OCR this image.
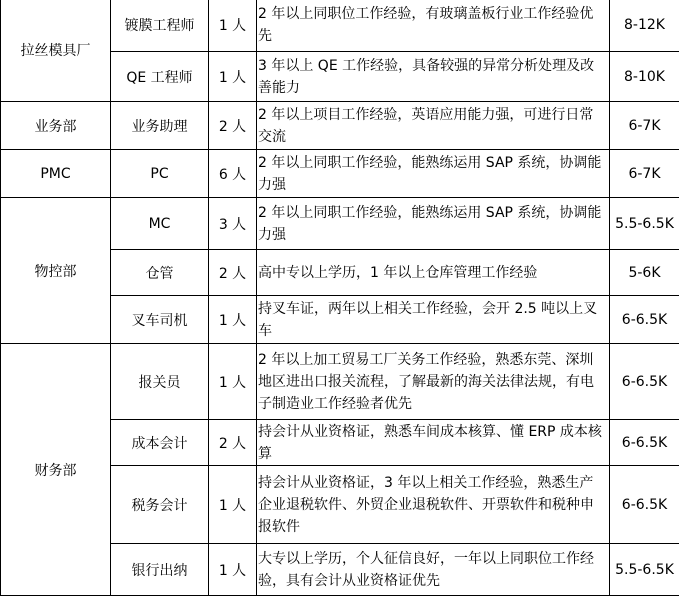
拉丝模具厂	镀膜工程师	1 人	2 年以上同职位工作经验，有玻璃盖板行业工作经验优先	8-12K
	QE 工程师	1 人	3 年以上 QE 工作经验，具备较强的异常分析处理及改善能力	8-10K
业务部	业务助理	2 人	2 年以上项目工作经验，英语应用能力强，可进行日常交流	6-7K
PMC	PC	6 人	2 年以上同职工作经验，能熟练运用 SAP 系统，协调能力强	6-7K
物控部	MC	3 人	2 年以上同职工作经验，能熟练运用 SAP 系统，协调能力强	5.5-6.5K
	仓管	2 人	高中专以上学历，1 年以上仓库管理工作经验	5-6K
	叉车司机	1 人	持叉车证，两年以上相关工作经验，会开 2.5 吨以上叉车	6-6.5K
财务部	报关员	1 人	2 年以上加工贸易工厂关务工作经验，熟悉东莞、深圳地区进出口报关流程，了解最新的海关法律法规，有电子制造业工作经验者优先	6-6.5K
	成本会计	2 人	持会计从业资格证，熟悉车间成本核算、懂 ERP 成本核算	6-6.5K
	税务会计	1 人	持会计从业资格证，3 年以上相关工作经验，熟悉生产企业退税软件、外贸企业退税软件、开票软件和税种申报软件	6-6.5K
	银行出纳	1 人	大专以上学历，个人征信良好，一年以上同职位工作经验，具有会计从业资格证优先	5.5-6.5K
